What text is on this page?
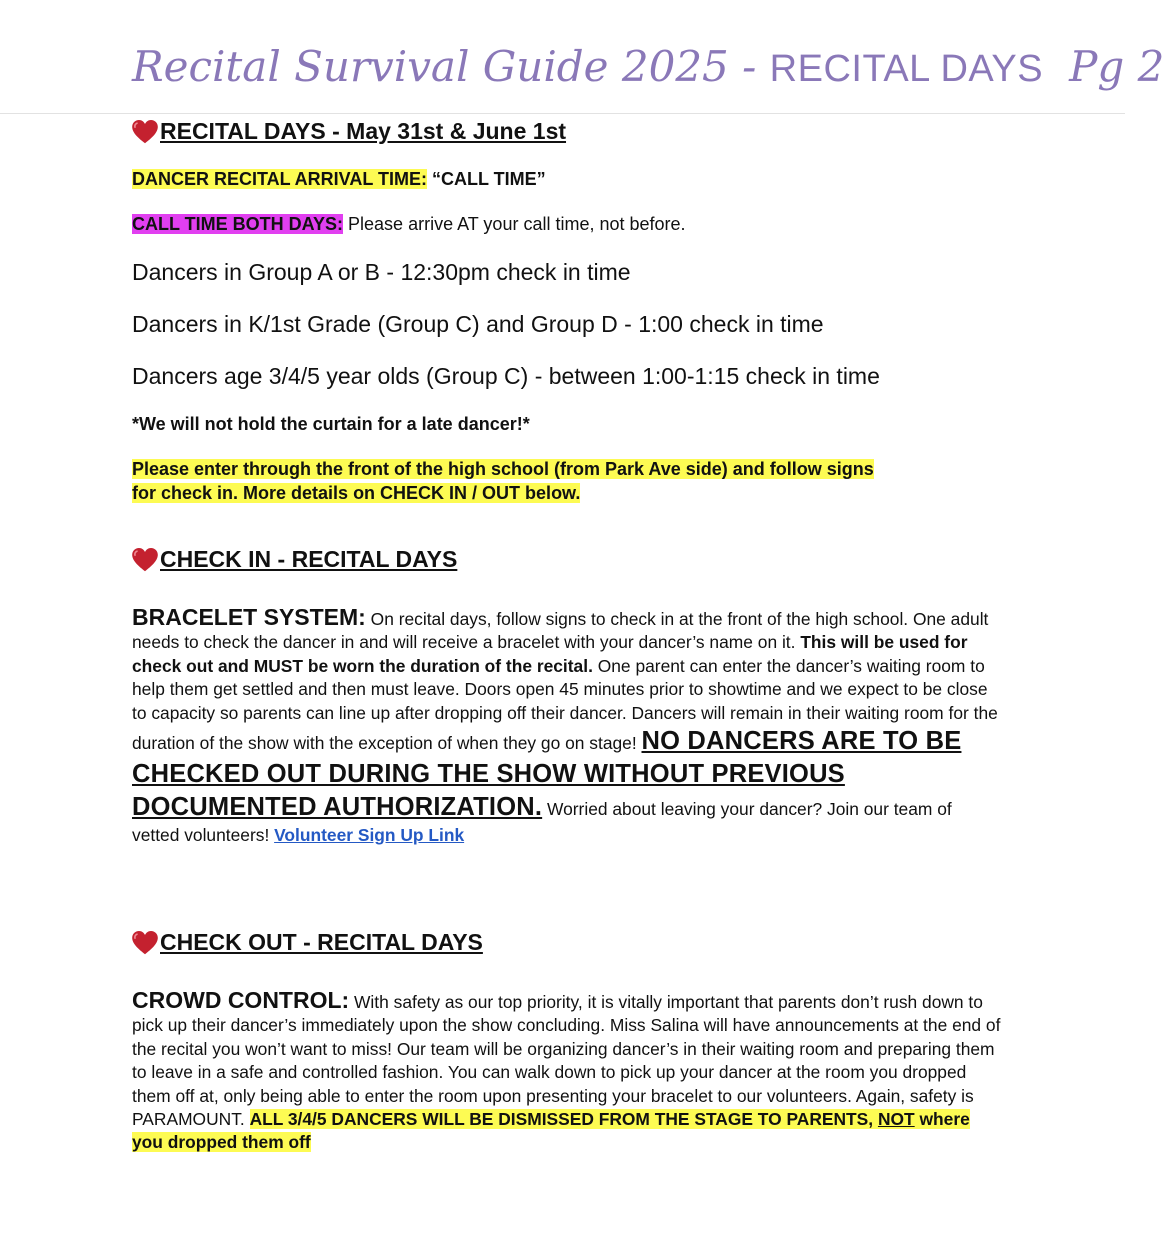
Recital Survival Guide 2025 - RECITAL DAYS Pg 2
RECITAL DAYS - May 31st & June 1st
DANCER RECITAL ARRIVAL TIME: “CALL TIME”
CALL TIME BOTH DAYS: Please arrive AT your call time, not before.
Dancers in Group A or B - 12:30pm check in time
Dancers in K/1st Grade (Group C) and Group D - 1:00 check in time
Dancers age 3/4/5 year olds (Group C) - between 1:00-1:15 check in time
*We will not hold the curtain for a late dancer!*
Please enter through the front of the high school (from Park Ave side) and follow signs
for check in. More details on CHECK IN / OUT below.
CHECK IN - RECITAL DAYS
BRACELET SYSTEM: On recital days, follow signs to check in at the front of the high school. One adult needs to check the dancer in and will receive a bracelet with your dancer’s name on it. This will be used for check out and MUST be worn the duration of the recital. One parent can enter the dancer’s waiting room to help them get settled and then must leave. Doors open 45 minutes prior to showtime and we expect to be close to capacity so parents can line up after dropping off their dancer. Dancers will remain in their waiting room for the duration of the show with the exception of when they go on stage! NO DANCERS ARE TO BE CHECKED OUT DURING THE SHOW WITHOUT PREVIOUS DOCUMENTED AUTHORIZATION. Worried about leaving your dancer? Join our team of vetted volunteers! Volunteer Sign Up Link
CHECK OUT - RECITAL DAYS
CROWD CONTROL: With safety as our top priority, it is vitally important that parents don’t rush down to pick up their dancer’s immediately upon the show concluding. Miss Salina will have announcements at the end of the recital you won’t want to miss! Our team will be organizing dancer’s in their waiting room and preparing them to leave in a safe and controlled fashion. You can walk down to pick up your dancer at the room you dropped them off at, only being able to enter the room upon presenting your bracelet to our volunteers. Again, safety is PARAMOUNT. ALL 3/4/5 DANCERS WILL BE DISMISSED FROM THE STAGE TO PARENTS, NOT where you dropped them off
